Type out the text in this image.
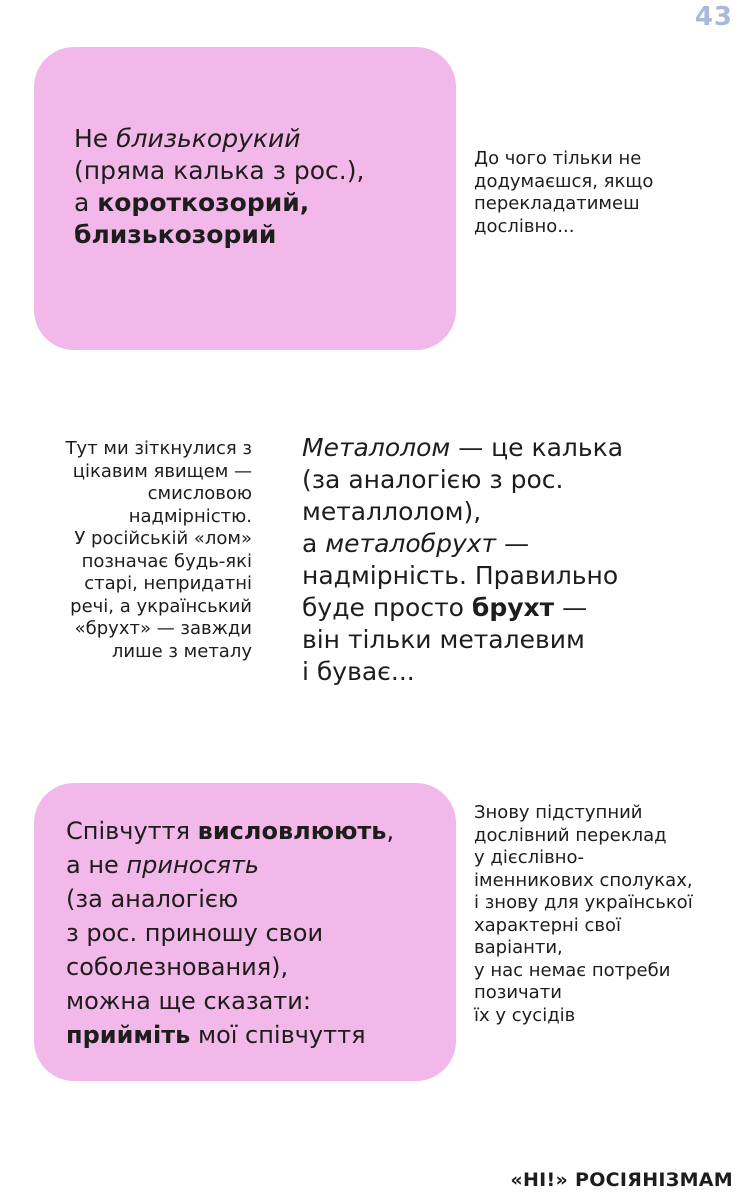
43
Не близькорукий
(пряма калька з рос.),
а короткозорий,
близькозорий
До чого тільки не
додумаєшся, якщо
перекладатимеш
дослівно...
Тут ми зіткнулися з
цікавим явищем —
смисловою
надмірністю.
У російській «лом»
позначає будь-які
старі, непридатні
речі, а український
«брухт» — завжди
лише з металу
Металолом — це калька
(за аналогією з рос.
металлолом),
а металобрухт —
надмірність. Правильно
буде просто брухт —
він тільки металевим
і буває...
Співчуття висловлюють,
а не приносять
(за аналогією
з рос. приношу свои
соболезнования),
можна ще сказати:
прийміть мої співчуття
Знову підступний
дослівний переклад
у дієслівно-
іменникових сполуках,
і знову для української
характерні свої
варіанти,
у нас немає потреби
позичати
їх у сусідів
«НІ!» РОСІЯНІЗМАМ
